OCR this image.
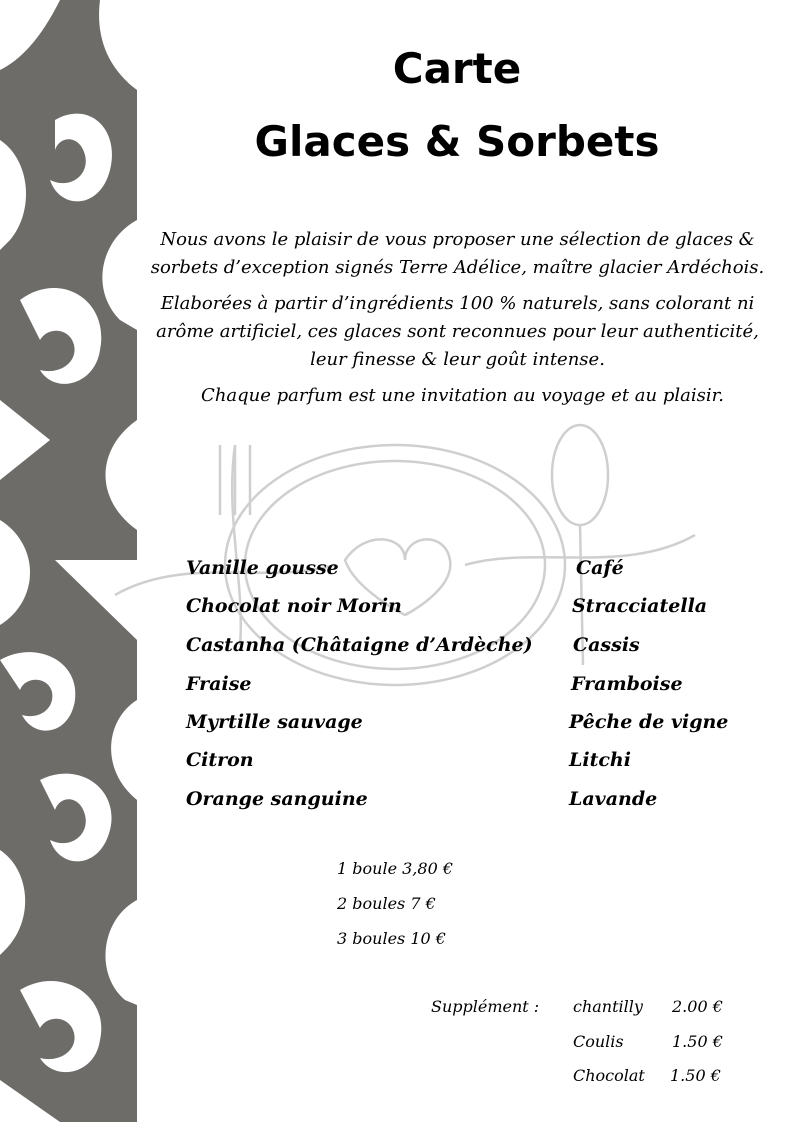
Carte
Glaces & Sorbets

Nous avons le plaisir de vous proposer une sélection de glaces & sorbets d’exception signés Terre Adélice, maître glacier Ardéchois.

Elaborées à partir d’ingrédients 100 % naturels, sans colorant ni arôme artificiel, ces glaces sont reconnues pour leur authenticité, leur finesse & leur goût intense.

Chaque parfum est une invitation au voyage et au plaisir.

Vanille gousse
Chocolat noir Morin
Castanha (Châtaigne d’Ardèche)
Fraise
Myrtille sauvage
Citron
Orange sanguine
Café
Stracciatella
Cassis
Framboise
Pêche de vigne
Litchi
Lavande
1 boule 3,80 €
2 boules 7 €
3 boules 10 €
Supplément : chantilly 2.00 €
Coulis	1.50 €
Chocolat 1.50 €
